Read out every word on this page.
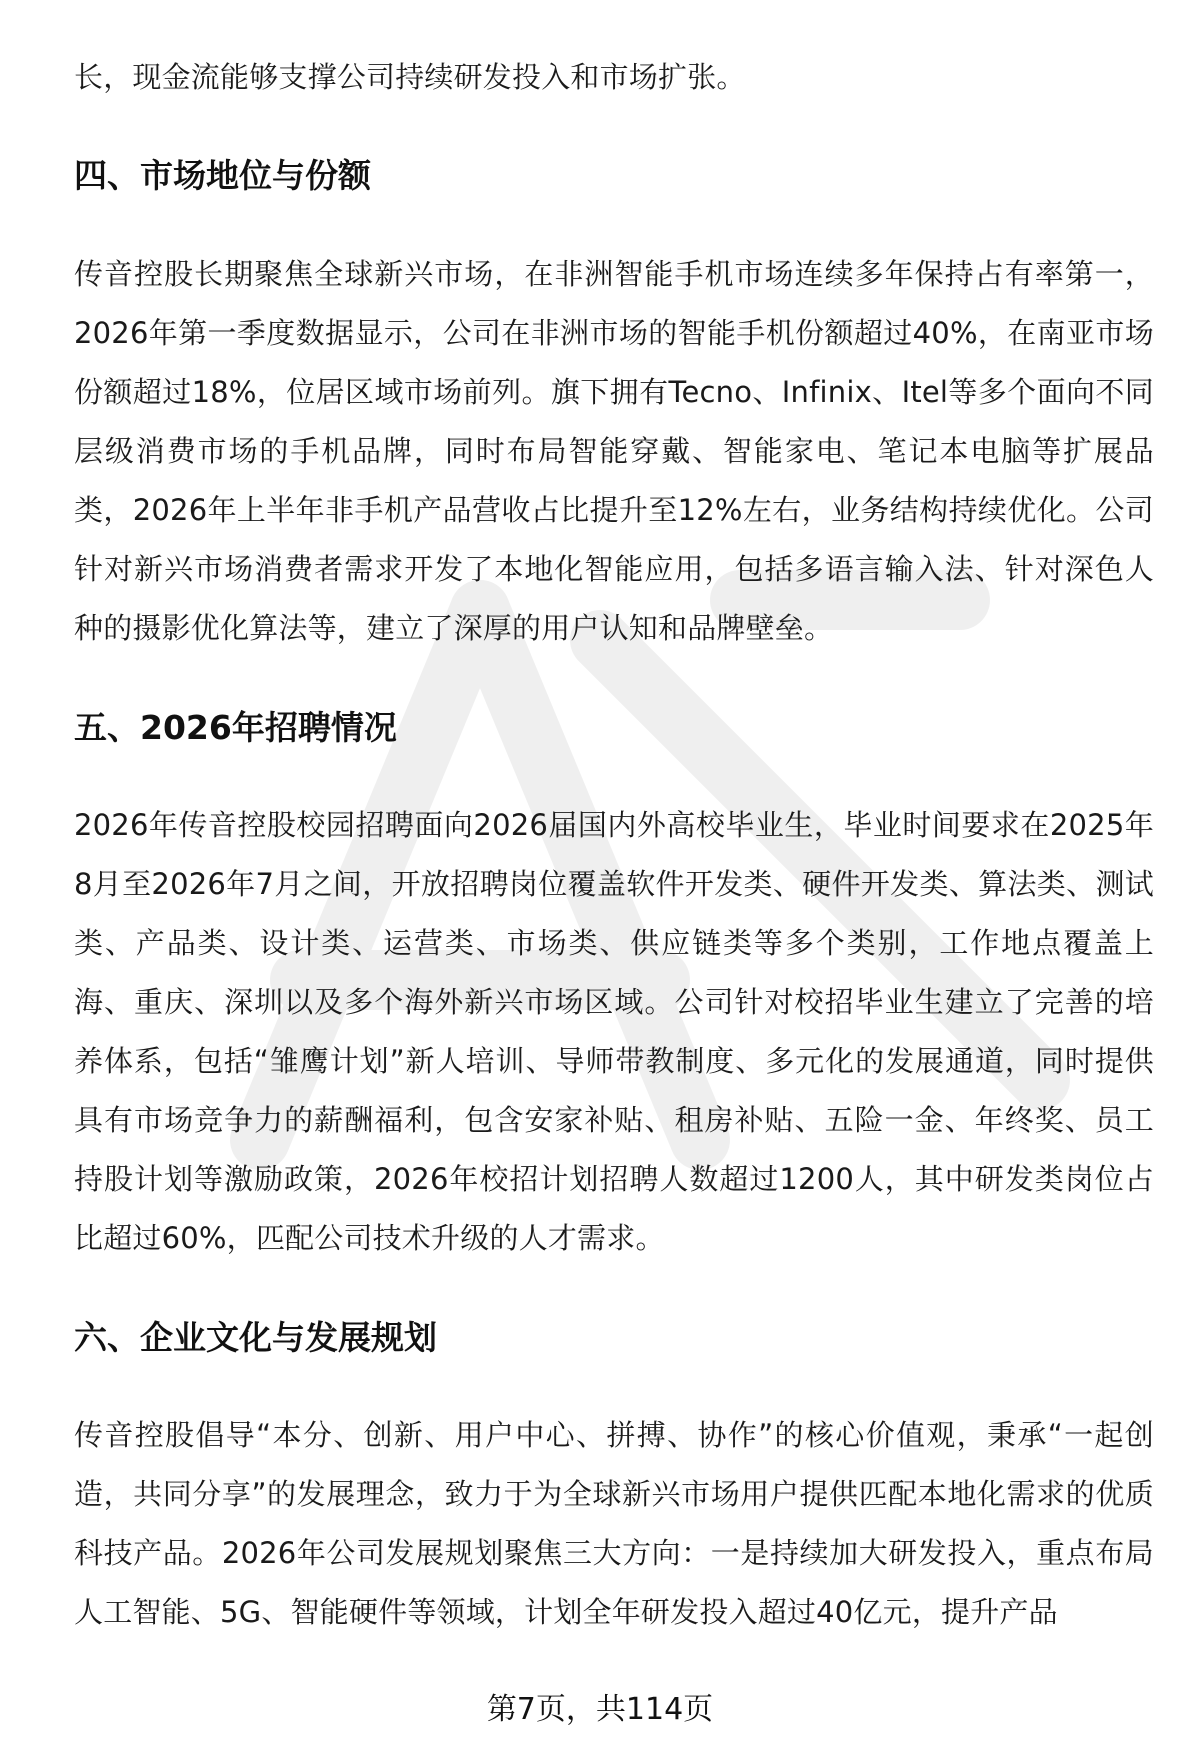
长，现金流能够支撑公司持续研发投入和市场扩张。

四、市场地位与份额

传音控股长期聚焦全球新兴市场，在非洲智能手机市场连续多年保持占有率第一，2026年第一季度数据显示，公司在非洲市场的智能手机份额超过40%，在南亚市场份额超过18%，位居区域市场前列。旗下拥有Tecno、Infinix、Itel等多个面向不同层级消费市场的手机品牌，同时布局智能穿戴、智能家电、笔记本电脑等扩展品类，2026年上半年非手机产品营收占比提升至12%左右，业务结构持续优化。公司针对新兴市场消费者需求开发了本地化智能应用，包括多语言输入法、针对深色人种的摄影优化算法等，建立了深厚的用户认知和品牌壁垒。

五、2026年招聘情况

2026年传音控股校园招聘面向2026届国内外高校毕业生，毕业时间要求在2025年8月至2026年7月之间，开放招聘岗位覆盖软件开发类、硬件开发类、算法类、测试类、产品类、设计类、运营类、市场类、供应链类等多个类别，工作地点覆盖上海、重庆、深圳以及多个海外新兴市场区域。公司针对校招毕业生建立了完善的培养体系，包括“雏鹰计划”新人培训、导师带教制度、多元化的发展通道，同时提供具有市场竞争力的薪酬福利，包含安家补贴、租房补贴、五险一金、年终奖、员工持股计划等激励政策，2026年校招计划招聘人数超过1200人，其中研发类岗位占比超过60%，匹配公司技术升级的人才需求。

六、企业文化与发展规划

传音控股倡导“本分、创新、用户中心、拼搏、协作”的核心价值观，秉承“一起创造，共同分享”的发展理念，致力于为全球新兴市场用户提供匹配本地化需求的优质科技产品。2026年公司发展规划聚焦三大方向：一是持续加大研发投入，重点布局人工智能、5G、智能硬件等领域，计划全年研发投入超过40亿元，提升产品

第7页，共114页
